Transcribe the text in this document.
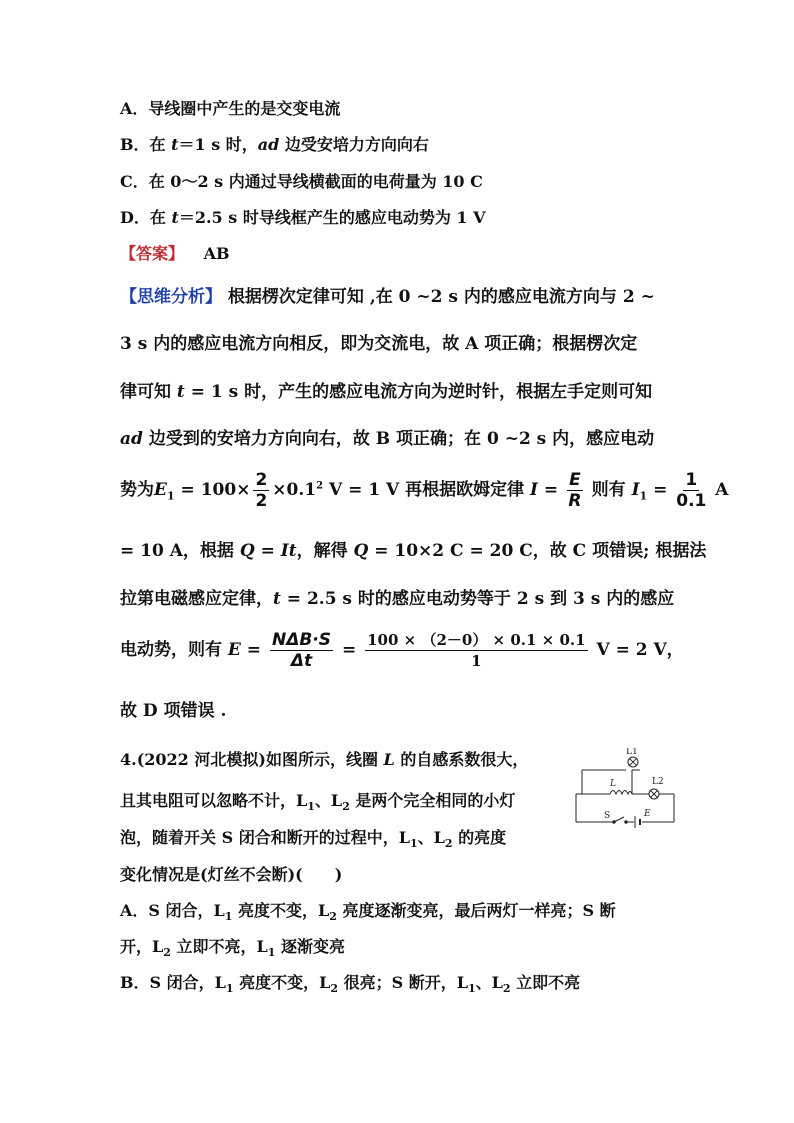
A．导线圈中产生的是交变电流
B．在 t＝1 s 时，ad 边受安培力方向向右
C．在 0～2 s 内通过导线横截面的电荷量为 10 C
D．在 t＝2.5 s 时导线框产生的感应电动势为 1 V
【答案】 AB
【思维分析】 根据楞次定律可知 ,在 0 ~2 s 内的感应电流方向与 2 ~
3 s 内的感应电流方向相反，即为交流电，故 A 项正确；根据楞次定
律可知 t = 1 s 时，产生的感应电流方向为逆时针，根据左手定则可知
ad 边受到的安培力方向向右，故 B 项正确；在 0 ~2 s 内，感应电动
势为$E_1 = 100\times \frac{2}{2} \times 0.1^2$ V = 1 V 再根据欧姆定律 $I = \frac{E}{R}$ 则有 $I_1 = \frac{1}{0.1}$ A
= 10 A，根据 Q = It，解得 Q = 10×2 C = 20 C，故 C 项错误; 根据法
拉第电磁感应定律，t = 2.5 s 时的感应电动势等于 2 s 到 3 s 内的感应
电动势，则有 $E = \frac{\text{NΔB·S}}{\Delta t} = \frac{100 \times (2-0) \times 0.1 \times 0.1}{1}$ V = 2 V，
故 D 项错误 .
4.(2022 河北模拟)如图所示，线圈 L 的自感系数很大，
且其电阻可以忽略不计，$L_1$、$L_2$ 是两个完全相同的小灯
泡，随着开关 S 闭合和断开的过程中，$L_1$、$L_2$ 的亮度
变化情况是(灯丝不会断)(　　)
A．S 闭合，$L_1$ 亮度不变，$L_2$ 亮度逐渐变亮，最后两灯一样亮；S 断
开，$L_2$ 立即不亮，$L_1$ 逐渐变亮
B．S 闭合，$L_1$ 亮度不变，$L_2$ 很亮；S 断开，$L_1$、$L_2$ 立即不亮
L1
L2
L
S	E
